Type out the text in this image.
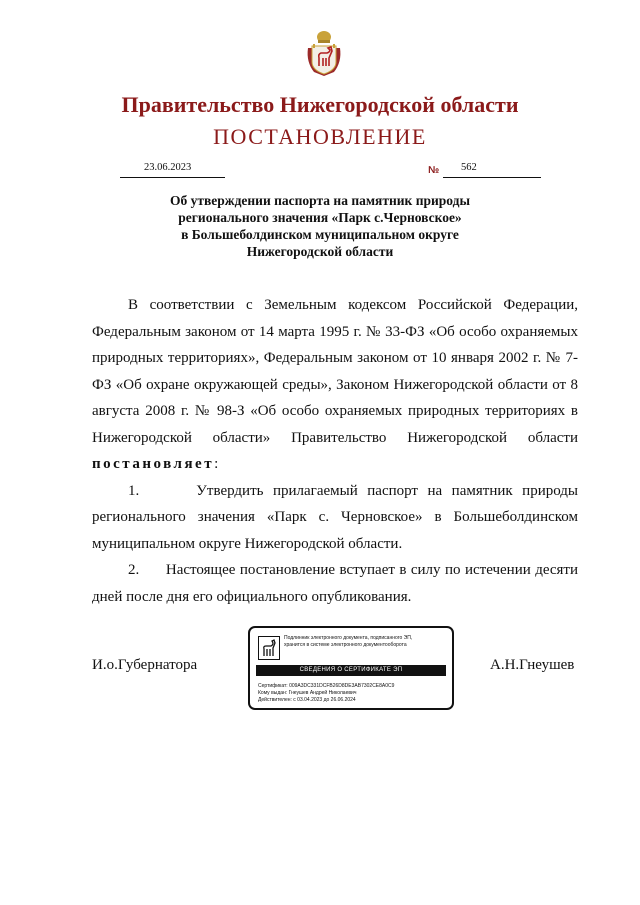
Правительство Нижегородской области
ПОСТАНОВЛЕНИЕ
23.06.2023	№	562
Об утверждении паспорта на памятник природы
регионального значения «Парк с.Черновское»
в Большеболдинском муниципальном округе
Нижегородской области

В соответствии с Земельным кодексом Российской Федерации, Федеральным законом от 14 марта 1995 г. № 33-ФЗ «Об особо охраняемых природных территориях», Федеральным законом от 10 января 2002 г. № 7-ФЗ «Об охране окружающей среды», Законом Нижегородской области от 8 августа 2008 г. № 98-З «Об особо охраняемых природных территориях в Нижегородской области» Правительство Нижегородской области постановляет:

1.	Утвердить прилагаемый паспорт на памятник природы регионального значения «Парк с. Черновское» в Большеболдинском муниципальном округе Нижегородской области.

2. Настоящее постановление вступает в силу по истечении десяти дней после дня его официального опубликования.

И.о.Губернатора	А.Н.Гнеушев
Подлинник электронного документа, подписанного ЭП,
хранится в системе электронного документооборота
СВЕДЕНИЯ О СЕРТИФИКАТЕ ЭП
Сертификат: 009A3DC331DCFB26D8DE3AB7302CE8A0C9
Кому выдан: Гнеушев Андрей Николаевич
Действителен: с 03.04.2023 до 26.06.2024
